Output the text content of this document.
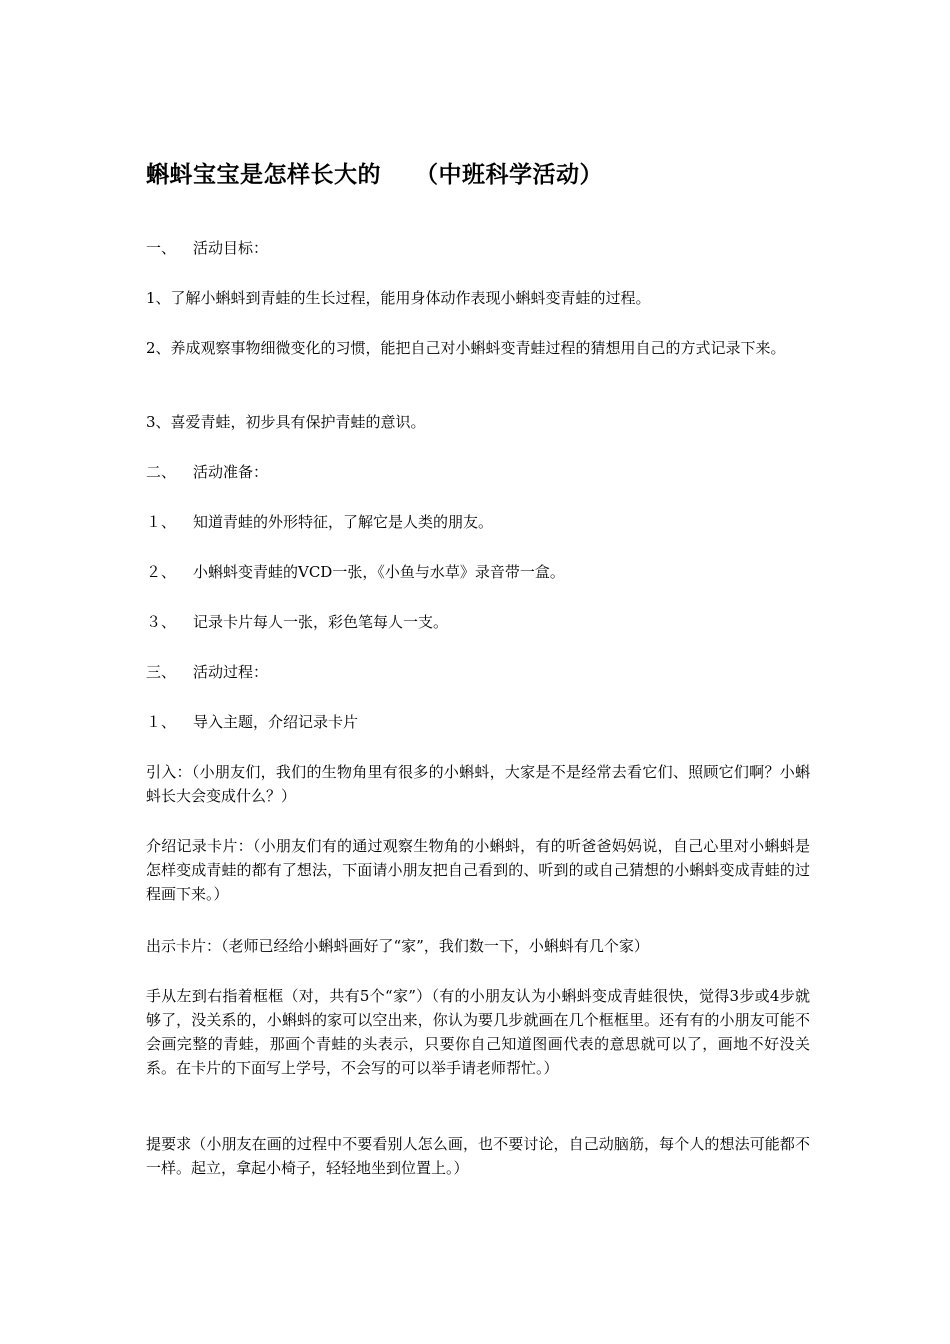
蝌蚪宝宝是怎样长大的 （中班科学活动）
一、 活动目标：
1、了解小蝌蚪到青蛙的生长过程，能用身体动作表现小蝌蚪变青蛙的过程。
2、养成观察事物细微变化的习惯，能把自己对小蝌蚪变青蛙过程的猜想用自己的方式记录下来。
3、喜爱青蛙，初步具有保护青蛙的意识。
二、 活动准备：
１、 知道青蛙的外形特征，了解它是人类的朋友。
２、 小蝌蚪变青蛙的VCD一张，《小鱼与水草》录音带一盒。
３、 记录卡片每人一张，彩色笔每人一支。
三、 活动过程：
１、 导入主题，介绍记录卡片
引入：（小朋友们，我们的生物角里有很多的小蝌蚪，大家是不是经常去看它们、照顾它们啊？小蝌蚪长大会变成什么？）
介绍记录卡片：（小朋友们有的通过观察生物角的小蝌蚪，有的听爸爸妈妈说，自己心里对小蝌蚪是怎样变成青蛙的都有了想法，下面请小朋友把自己看到的、听到的或自己猜想的小蝌蚪变成青蛙的过程画下来。）
出示卡片：（老师已经给小蝌蚪画好了“家”，我们数一下，小蝌蚪有几个家）
手从左到右指着框框（对，共有5个“家”）（有的小朋友认为小蝌蚪变成青蛙很快，觉得3步或4步就够了，没关系的，小蝌蚪的家可以空出来，你认为要几步就画在几个框框里。还有有的小朋友可能不会画完整的青蛙，那画个青蛙的头表示，只要你自己知道图画代表的意思就可以了，画地不好没关系。在卡片的下面写上学号，不会写的可以举手请老师帮忙。）
提要求（小朋友在画的过程中不要看别人怎么画，也不要讨论，自己动脑筋，每个人的想法可能都不一样。起立，拿起小椅子，轻轻地坐到位置上。）
